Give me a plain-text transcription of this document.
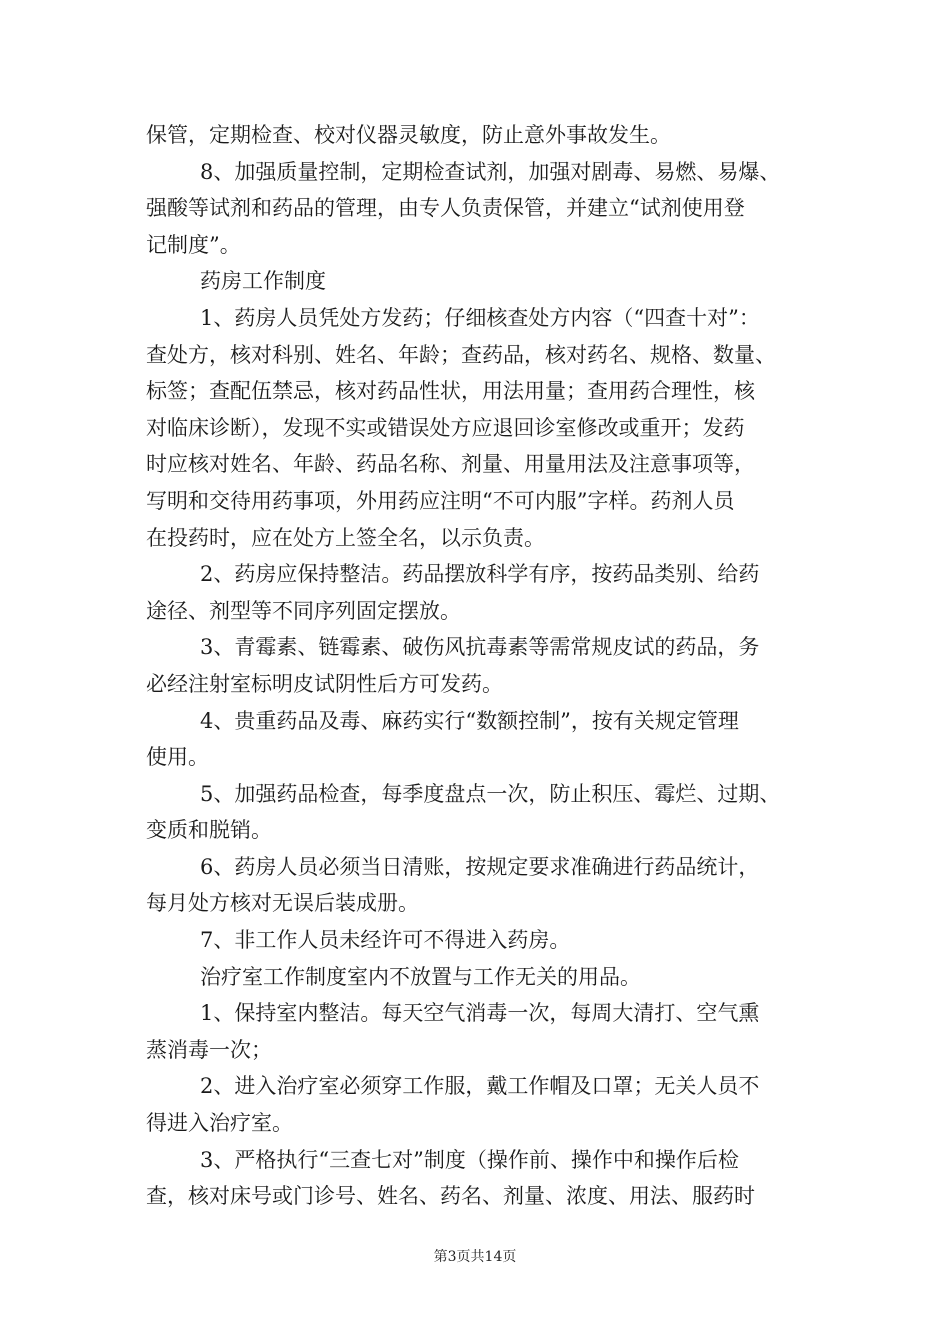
保管，定期检查、校对仪器灵敏度，防止意外事故发生。
8、加强质量控制，定期检查试剂，加强对剧毒、易燃、易爆、
强酸等试剂和药品的管理，由专人负责保管，并建立“试剂使用登
记制度”。
药房工作制度
1、药房人员凭处方发药；仔细核查处方内容（“四查十对”：
查处方，核对科别、姓名、年龄；查药品，核对药名、规格、数量、
标签；查配伍禁忌，核对药品性状，用法用量；查用药合理性，核
对临床诊断），发现不实或错误处方应退回诊室修改或重开；发药
时应核对姓名、年龄、药品名称、剂量、用量用法及注意事项等，
写明和交待用药事项，外用药应注明“不可内服”字样。药剂人员
在投药时，应在处方上签全名，以示负责。
2、药房应保持整洁。药品摆放科学有序，按药品类别、给药
途径、剂型等不同序列固定摆放。
3、青霉素、链霉素、破伤风抗毒素等需常规皮试的药品，务
必经注射室标明皮试阴性后方可发药。
4、贵重药品及毒、麻药实行“数额控制”，按有关规定管理
使用。
5、加强药品检查，每季度盘点一次，防止积压、霉烂、过期、
变质和脱销。
6、药房人员必须当日清账，按规定要求准确进行药品统计，
每月处方核对无误后装成册。
7、非工作人员未经许可不得进入药房。
治疗室工作制度室内不放置与工作无关的用品。
1、保持室内整洁。每天空气消毒一次，每周大清打、空气熏
蒸消毒一次；
2、进入治疗室必须穿工作服，戴工作帽及口罩；无关人员不
得进入治疗室。
3、严格执行“三查七对”制度（操作前、操作中和操作后检
查，核对床号或门诊号、姓名、药名、剂量、浓度、用法、服药时
第3页共14页
